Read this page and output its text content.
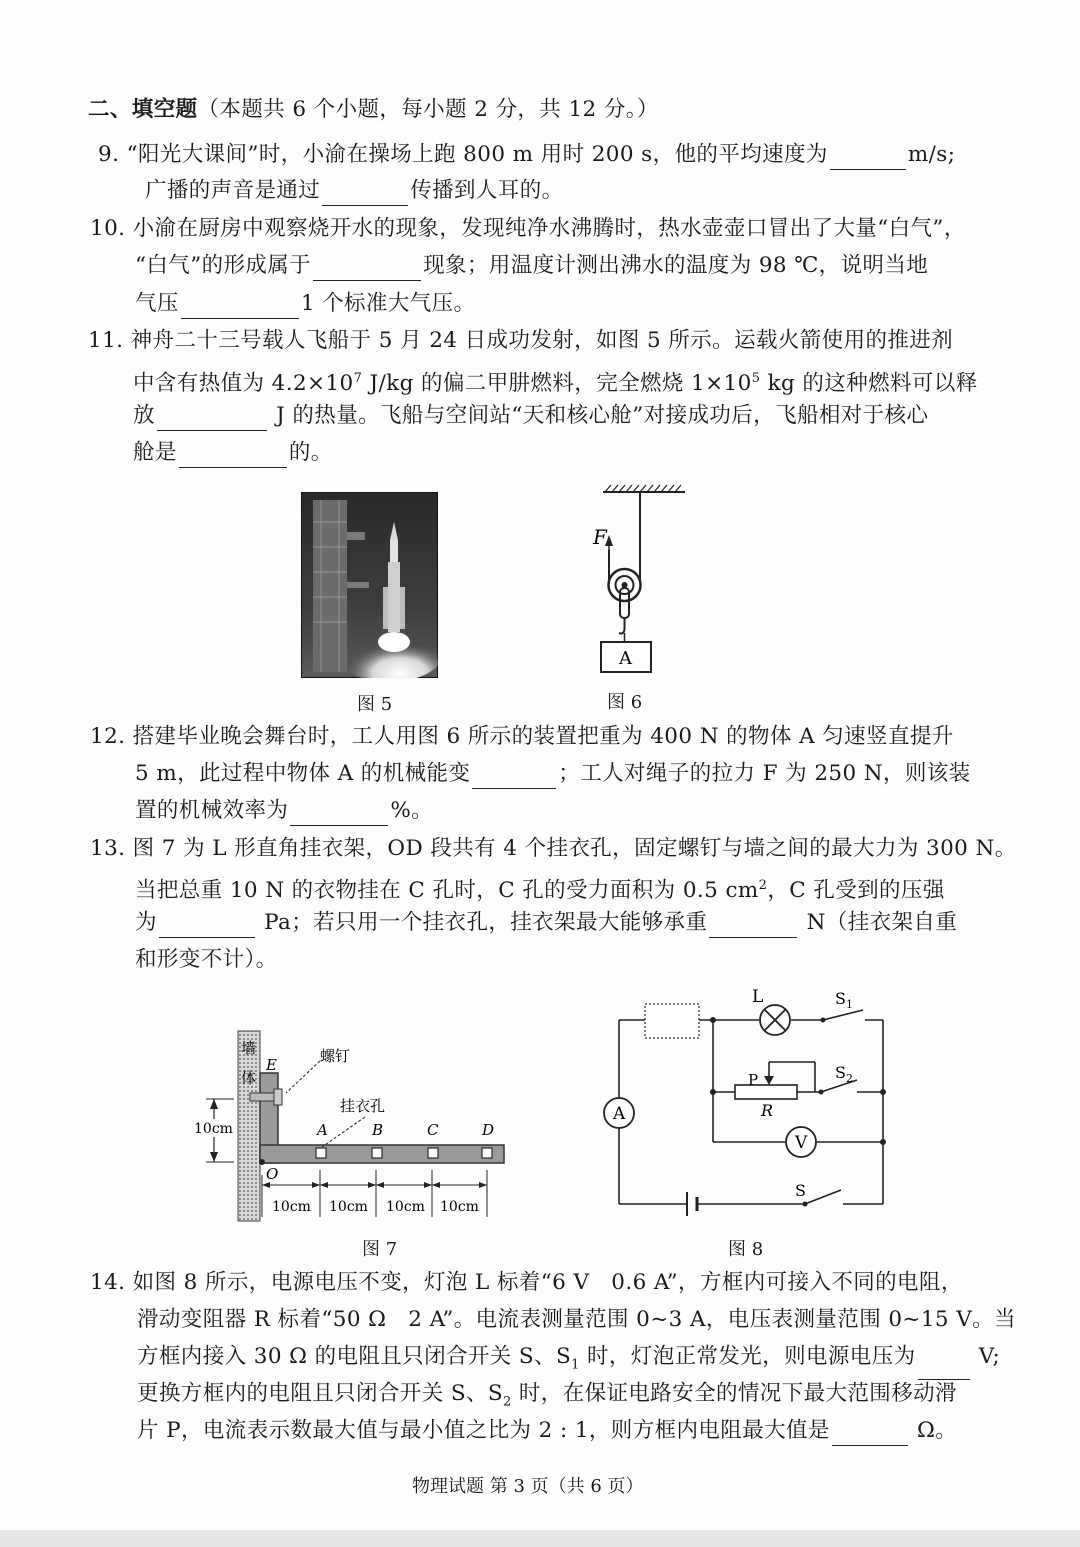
二、填空题（本题共 6 个小题，每小题 2 分，共 12 分。）
9. “阳光大课间”时，小渝在操场上跑 800 m 用时 200 s，他的平均速度为	m/s;
广播的声音是通过	传播到人耳的。
10. 小渝在厨房中观察烧开水的现象，发现纯净水沸腾时，热水壶壶口冒出了大量“白气”，
“白气”的形成属于	现象；用温度计测出沸水的温度为 98 ℃，说明当地
气压	1 个标准大气压。
11. 神舟二十三号载人飞船于 5 月 24 日成功发射，如图 5 所示。运载火箭使用的推进剂
中含有热值为 $4.2\times 10^7$ J/kg 的偏二甲肼燃料，完全燃烧 $1\times 10^5$ kg 的这种燃料可以释
放	J 的热量。飞船与空间站“天和核心舱”对接成功后，飞船相对于核心
舱是	的。
图 5
F
A
图 6
12. 搭建毕业晚会舞台时，工人用图 6 所示的装置把重为 400 N 的物体 A 匀速竖直提升
5 m，此过程中物体 A 的机械能变	；工人对绳子的拉力 F 为 250 N，则该装
置的机械效率为	%。
13. 图 7 为 L 形直角挂衣架，OD 段共有 4 个挂衣孔，固定螺钉与墙之间的最大力为 300 N。
当把总重 10 N 的衣物挂在 C 孔时，C 孔的受力面积为 0.5 $cm^2$，C 孔受到的压强
为	Pa；若只用一个挂衣孔，挂衣架最大能够承重	N（挂衣架自重
和形变不计）。
墙
体
E	螺钉
挂衣孔
A	B	C	D
O
10cm
10cm 10cm 10cm 10cm
图 7
L	$S_1$
$S_2$
P
R
V
A
S
图 8
14. 如图 8 所示，电源电压不变，灯泡 L 标着“6 V　0.6 A”，方框内可接入不同的电阻，
滑动变阻器 R 标着“50 Ω　2 A”。电流表测量范围 0~3 A，电压表测量范围 0~15 V。当
方框内接入 30 Ω 的电阻且只闭合开关 S、$S_1$ 时，灯泡正常发光，则电源电压为	V;
更换方框内的电阻且只闭合开关 S、$S_2$ 时，在保证电路安全的情况下最大范围移动滑
片 P，电流表示数最大值与最小值之比为 2 : 1，则方框内电阻最大值是	Ω。
物理试题 第 3 页（共 6 页）
